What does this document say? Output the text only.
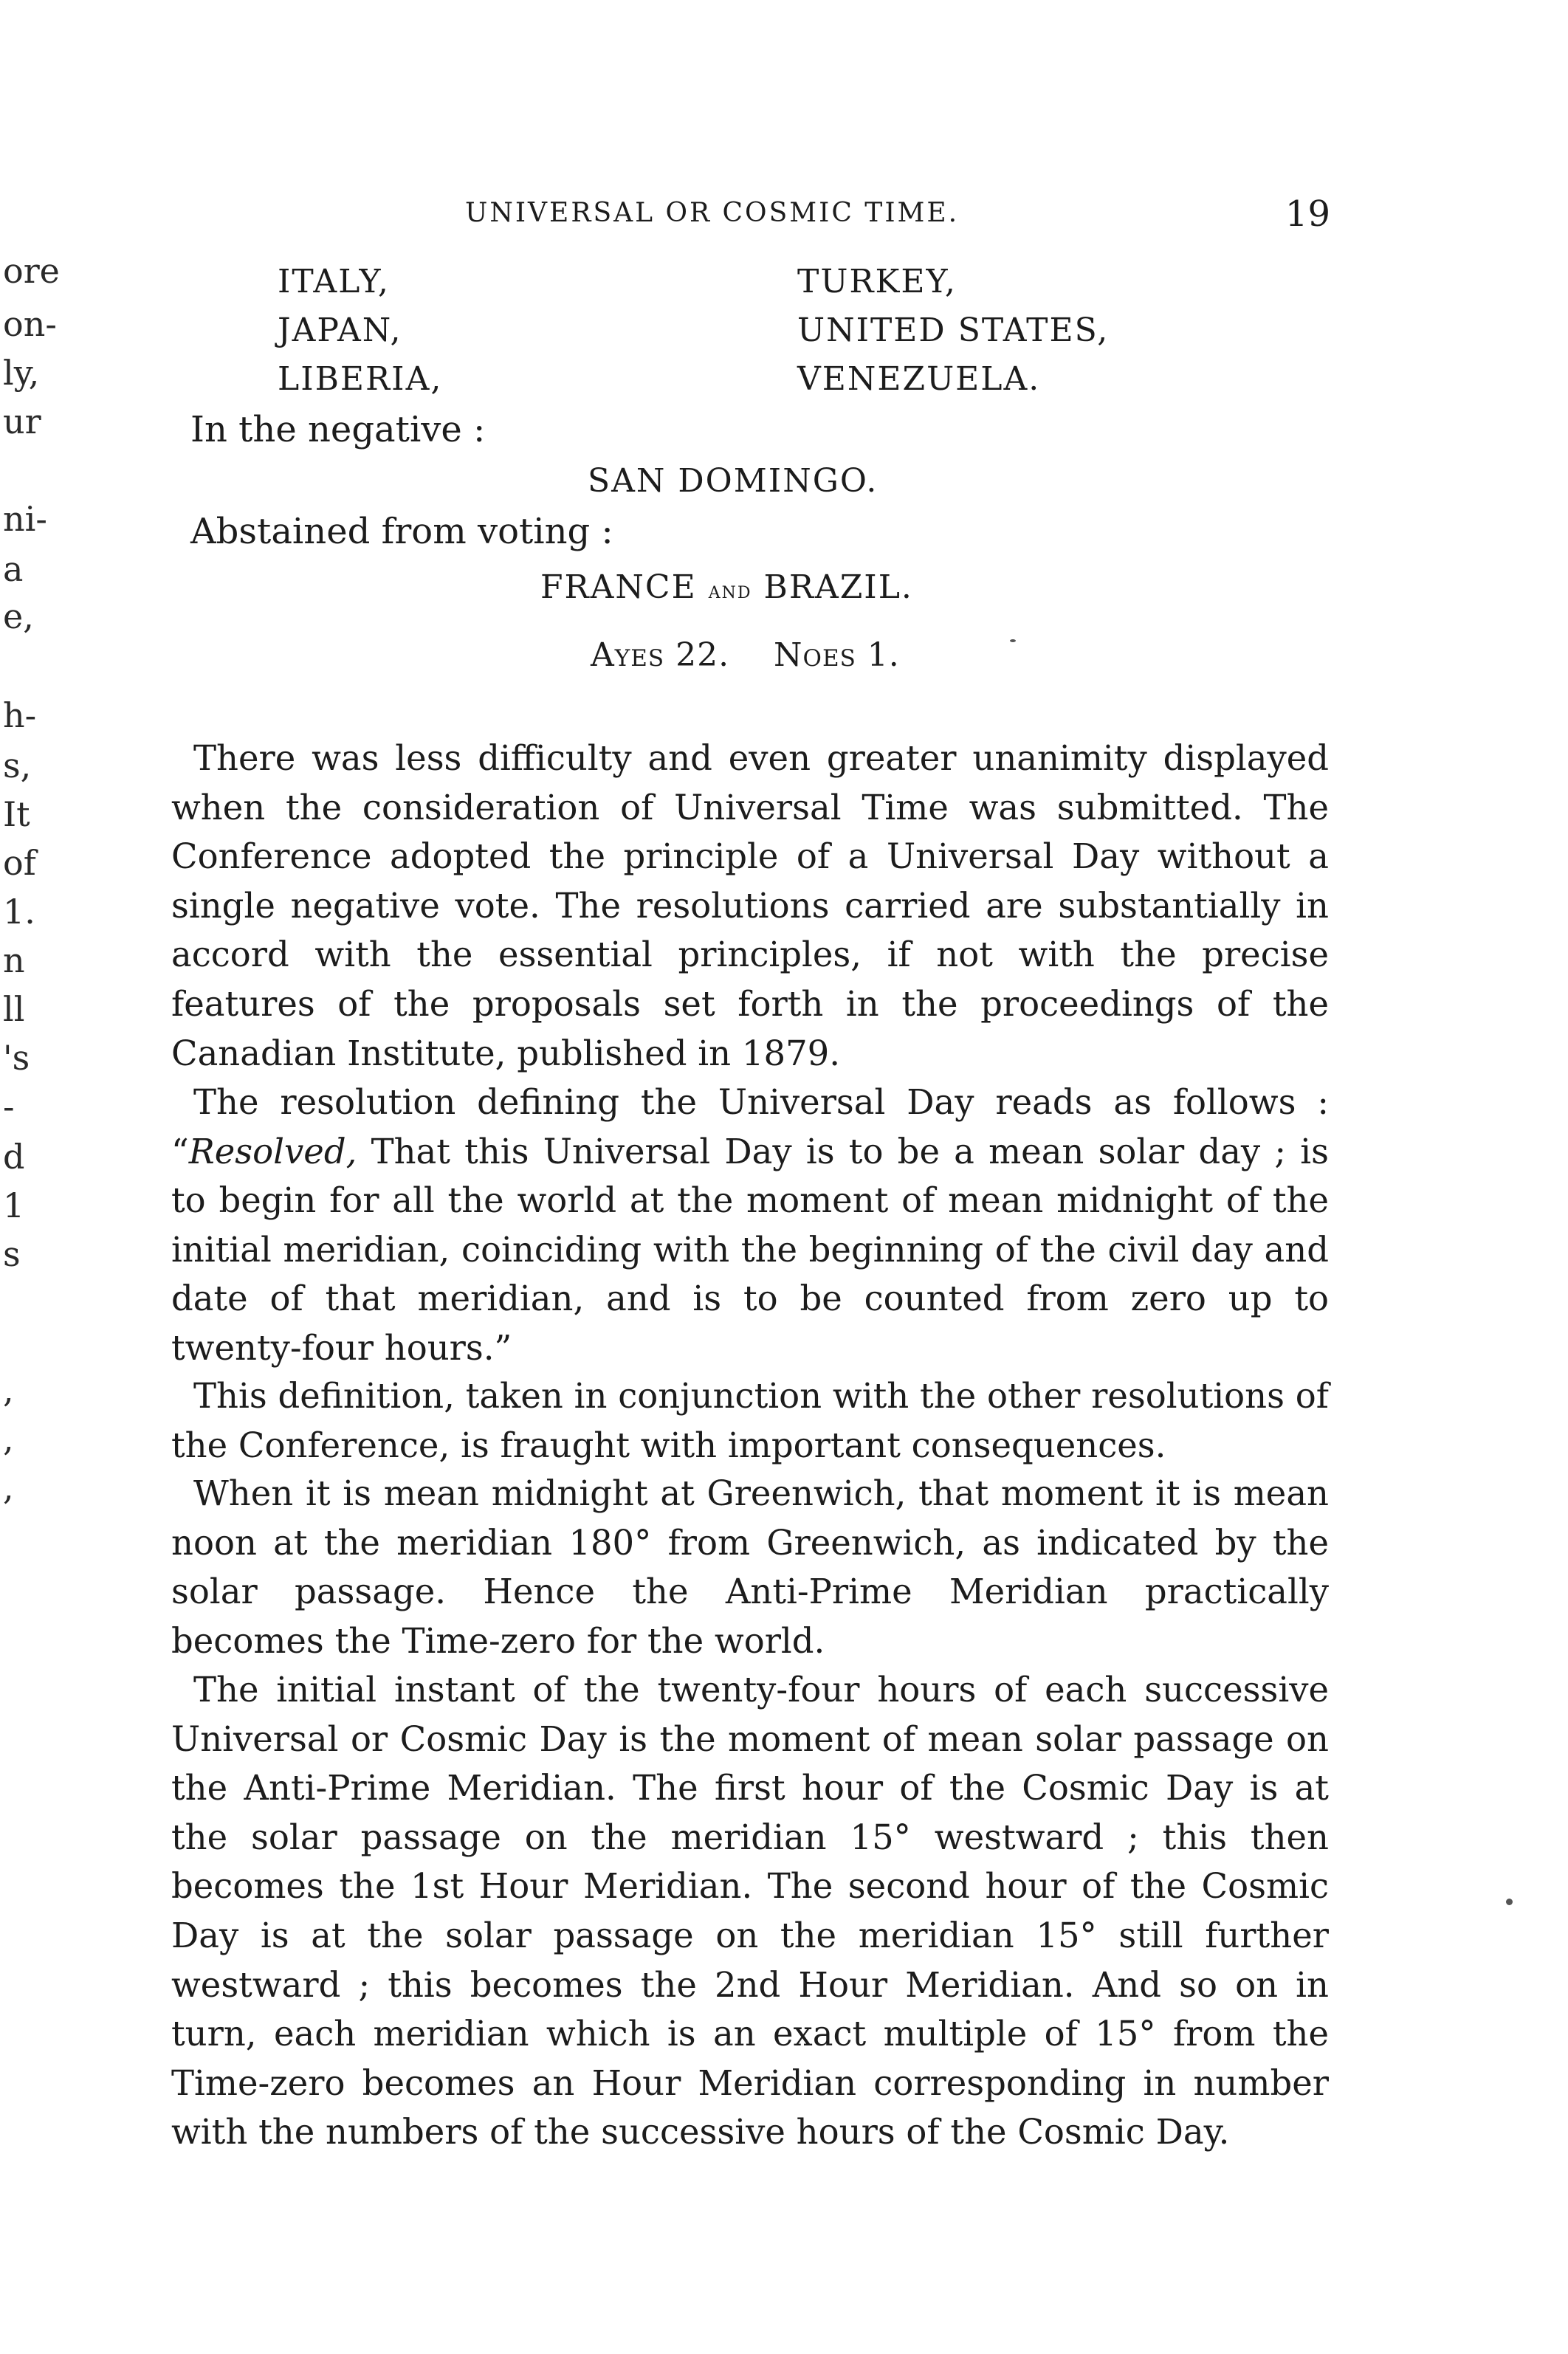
ore
on-
ly,
ur
ni-
a
e,
h-
s,
It
of
1.
n
ll
's
-
d
1
s
,
,
,
UNIVERSAL OR COSMIC TIME.	19
ITALY,
JAPAN,
LIBERIA,
TURKEY,
UNITED STATES,
VENEZUELA.
In the negative :
SAN DOMINGO.
Abstained from voting :
FRANCE and BRAZIL.
Ayes 22. Noes 1.

There was less difficulty and even greater unanimity displayed when the consideration of Universal Time was submitted. The Conference adopted the principle of a Universal Day without a single negative vote. The resolutions carried are substantially in accord with the essential principles, if not with the precise features of the proposals set forth in the proceedings of the Canadian Institute, published in 1879.

The resolution defining the Universal Day reads as follows : “Resolved, That this Universal Day is to be a mean solar day ; is to begin for all the world at the moment of mean midnight of the initial meridian, coinciding with the beginning of the civil day and date of that meridian, and is to be counted from zero up to twenty-four hours.”

This definition, taken in conjunction with the other resolutions of the Conference, is fraught with important consequences.

When it is mean midnight at Greenwich, that moment it is mean noon at the meridian 180° from Greenwich, as indicated by the solar passage. Hence the Anti-Prime Meridian practically becomes the Time-zero for the world.

The initial instant of the twenty-four hours of each successive Universal or Cosmic Day is the moment of mean solar passage on the Anti-Prime Meridian. The first hour of the Cosmic Day is at the solar passage on the meridian 15° westward ; this then becomes the 1st Hour Meridian. The second hour of the Cosmic Day is at the solar passage on the meridian 15° still further westward ; this becomes the 2nd Hour Meridian. And so on in turn, each meridian which is an exact multiple of 15° from the Time-zero becomes an Hour Meridian corresponding in number with the numbers of the successive hours of the Cosmic Day.
